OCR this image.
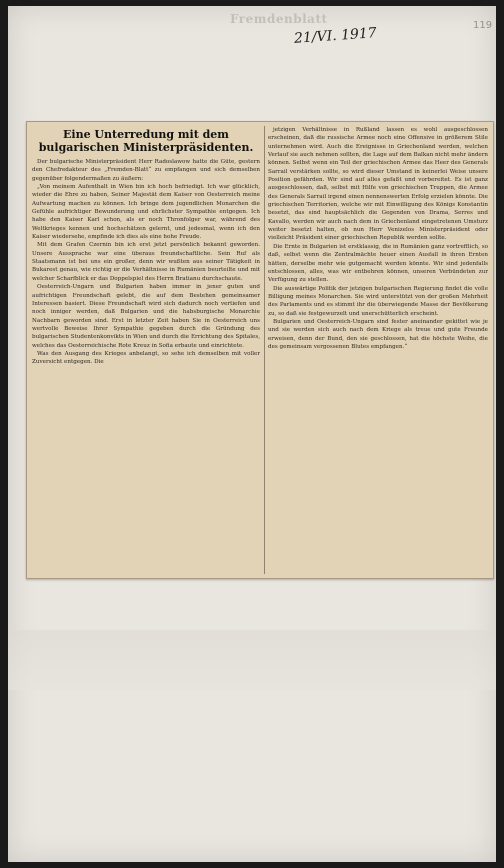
Fremdenblatt
21/VI. 1917	119
Eine Unterredung mit dem bulgarischen Ministerpräsidenten.

Der bulgarische Ministerpräsident Herr Radoslawow hatte die Güte, gestern den Chefredakteur des „Fremden-Blatt“ zu empfangen und sich demselben gegenüber folgendermaßen zu äußern:

„Von meinem Aufenthalt in Wien bin ich hoch befriedigt. Ich war glücklich, wieder die Ehre zu haben, Seiner Majestät dem Kaiser von Oesterreich meine Aufwartung machen zu können. Ich bringe dem jugendlichen Monarchen die Gefühle aufrichtiger Bewunderung und ehrlichster Sympathie entgegen. Ich habe den Kaiser Karl schon, als er noch Thronfolger war, während des Weltkrieges kennen und hochschätzen gelernt, und jedesmal, wenn ich den Kaiser wiedersehe, empfinde ich dies als eine hohe Freude.

Mit dem Grafen Czernin bin ich erst jetzt persönlich bekannt geworden. Unsere Aussprache war eine überaus freundschaftliche. Sein Ruf als Staatsmann ist bei uns ein großer, denn wir wußten aus seiner Tätigkeit in Bukarest genau, wie richtig er die Verhältnisse in Rumänien beurteilte und mit welcher Scharfblick er das Doppelspiel des Herrn Bratianu durchschaute.

Oesterreich-Ungarn und Bulgarien haben immer in jener guten und aufrichtigen Freundschaft gelebt, die auf dem Bestehen gemeinsamer Interessen basiert. Diese Freundschaft wird sich dadurch noch vertiefen und noch inniger werden, daß Bulgarien und die habsburgische Monarchie Nachbarn geworden sind. Erst in letzter Zeit haben Sie in Oesterreich uns wertvolle Beweise Ihrer Sympathie gegeben durch die Gründung des bulgarischen Studentenkonvikts in Wien und durch die Errichtung des Spitales, welches das Oesterreichische Rote Kreuz in Sofia erbaute und einrichtete.

Was den Ausgang des Krieges anbelangt, so sehe ich demselben mit voller Zuversicht entgegen. Die

jetzigen Verhältnisse in Rußland lassen es wohl ausgeschlossen erscheinen, daß die russische Armee noch eine Offensive in größerem Stile unternehmen wird. Auch die Ereignisse in Griechenland werden, welchen Verlauf sie auch nehmen sollten, die Lage auf dem Balkan nicht mehr ändern können. Selbst wenn ein Teil der griechischen Armee das Heer des Generals Sarrail verstärken sollte, so wird dieser Umstand in keinerlei Weise unsere Position gefährden. Wir sind auf alles gefaßt und vorbereitet. Es ist ganz ausgeschlossen, daß, selbst mit Hilfe von griechischen Truppen, die Armee des Generals Sarrail irgend einen nennenswerten Erfolg erzielen könnte. Die griechischen Territorien, welche wir mit Einwilligung des Königs Konstantin besetzt, das sind hauptsächlich die Gegenden von Drama, Serres und Kavallo, werden wir auch nach dem in Griechenland eingetretenen Umsturz weiter besetzt halten, ob nun Herr Venizelos Ministerpräsident oder vielleicht Präsident einer griechischen Republik werden sollte.

Die Ernte in Bulgarien ist erstklassig, die in Rumänien ganz vortrefflich, so daß, selbst wenn die Zentralmächte heuer einen Ausfall in ihren Ernten hätten, derselbe mehr wie gutgemacht werden könnte. Wir sind jedenfalls entschlossen, alles, was wir entbehren können, unseren Verbündeten zur Verfügung zu stellen.

Die auswärtige Politik der jetzigen bulgarischen Regierung findet die volle Billigung meines Monarchen. Sie wird unterstützt von der großen Mehrheit des Parlaments und es stimmt ihr die überwiegende Masse der Bevölkerung zu, so daß sie festgewurzelt und unerschütterlich erscheint.

Bulgarien und Oesterreich-Ungarn sind fester aneinander gekittet wie je und sie werden sich auch nach dem Kriege als treue und gute Freunde erweisen, denn der Bund, den sie geschlossen, hat die höchste Weihe, die des gemeinsam vergossenen Blutes empfangen.“
